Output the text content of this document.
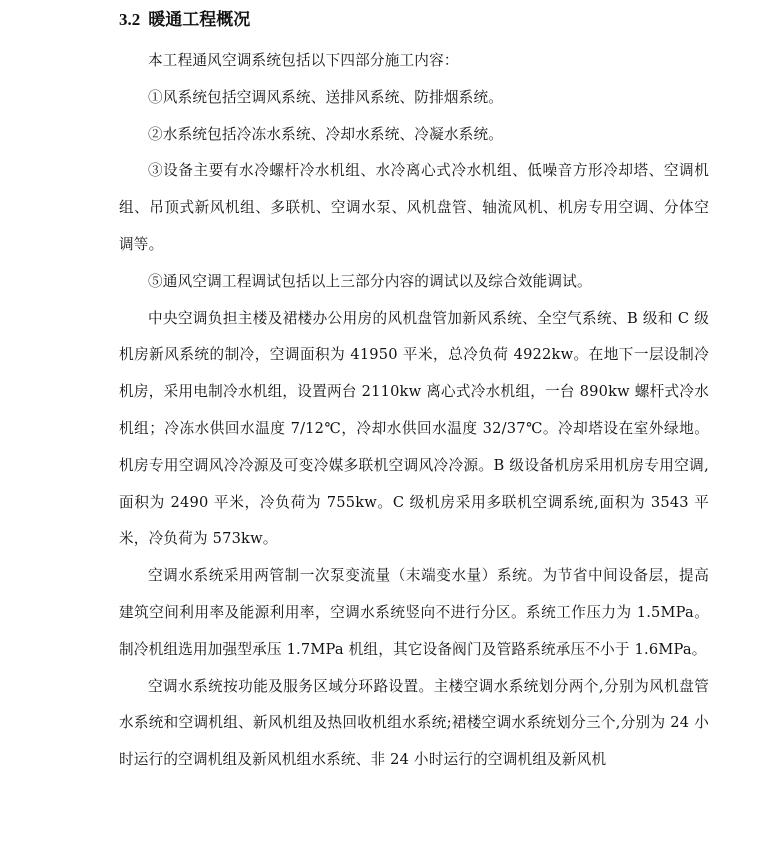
3.2 暖通工程概况

本工程通风空调系统包括以下四部分施工内容：

①风系统包括空调风系统、送排风系统、防排烟系统。

②水系统包括冷冻水系统、冷却水系统、冷凝水系统。

③设备主要有水冷螺杆冷水机组、水冷离心式冷水机组、低噪音方形冷却塔、空调机组、吊顶式新风机组、多联机、空调水泵、风机盘管、轴流风机、机房专用空调、分体空调等。

⑤通风空调工程调试包括以上三部分内容的调试以及综合效能调试。

中央空调负担主楼及裙楼办公用房的风机盘管加新风系统、全空气系统、B 级和 C 级机房新风系统的制冷，空调面积为 41950 平米，总冷负荷 4922kw。在地下一层设制冷机房，采用电制冷水机组，设置两台 2110kw 离心式冷水机组，一台 890kw 螺杆式冷水机组；冷冻水供回水温度 7/12℃，冷却水供回水温度 32/37℃。冷却塔设在室外绿地。机房专用空调风冷冷源及可变冷媒多联机空调风冷冷源。B 级设备机房采用机房专用空调,面积为 2490 平米，冷负荷为 755kw。C 级机房采用多联机空调系统,面积为 3543 平米，冷负荷为 573kw。

空调水系统采用两管制一次泵变流量（末端变水量）系统。为节省中间设备层，提高建筑空间利用率及能源利用率，空调水系统竖向不进行分区。系统工作压力为 1.5MPa。制冷机组选用加强型承压 1.7MPa 机组，其它设备阀门及管路系统承压不小于 1.6MPa。

空调水系统按功能及服务区域分环路设置。主楼空调水系统划分两个,分别为风机盘管水系统和空调机组、新风机组及热回收机组水系统;裙楼空调水系统划分三个,分别为 24 小时运行的空调机组及新风机组水系统、非 24 小时运行的空调机组及新风机
